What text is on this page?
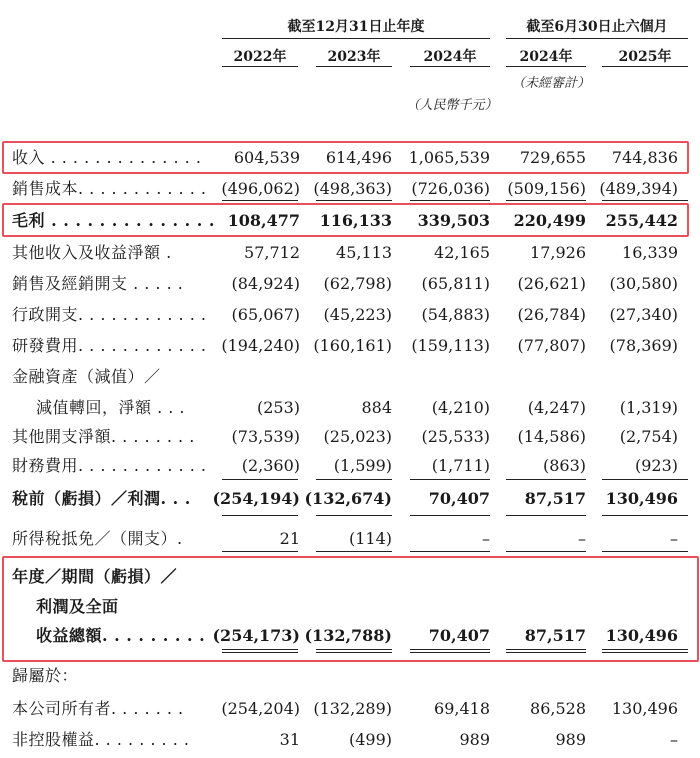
截至12月31日止年度	截至6月30日止六個月
2022年	2023年	2024年	2024年	2025年
（未經審計）
（人民幣千元）
收入 . . . . . . . . . . . . . .	604,539	614,496	1,065,539	729,655	744,836
銷售成本. . . . . . . . . . . . (496,062) (498,363)	(726,036)	(509,156) (489,394)
毛利 . . . . . . . . . . . . . . 108,477	116,133	339,503	220,499	255,442
其他收入及收益淨額 .	57,712	45,113	42,165	17,926	16,339
銷售及經銷開支 . . . . .	(84,924)	(62,798)	(65,811)	(26,621)	(30,580)
行政開支. . . . . . . . . . . .	(65,067)	(45,223)	(54,883)	(26,784)	(27,340)
研發費用. . . . . . . . . . . . (194,240) (160,161)	(159,113)	(77,807)	(78,369)
金融資產（減值）／
減值轉回，淨額 . . .	(253)	884	(4,210)	(4,247)	(1,319)
其他開支淨額. . . . . . . .	(73,539)	(25,023)	(25,533)	(14,586)	(2,754)
財務費用. . . . . . . . . . . .	(2,360)	(1,599)	(1,711)	(863)	(923)
稅前（虧損）／利潤. . .	(254,194) (132,674)	70,407	87,517	130,496
所得稅抵免／（開支）.	21	(114)	–	–	–
年度／期間（虧損）／
利潤及全面
收益總額. . . . . . . . . (254,173) (132,788)	70,407	87,517	130,496
歸屬於：
本公司所有者. . . . . . .	(254,204) (132,289)	69,418	86,528	130,496
非控股權益. . . . . . . . .	31	(499)	989	989	–
